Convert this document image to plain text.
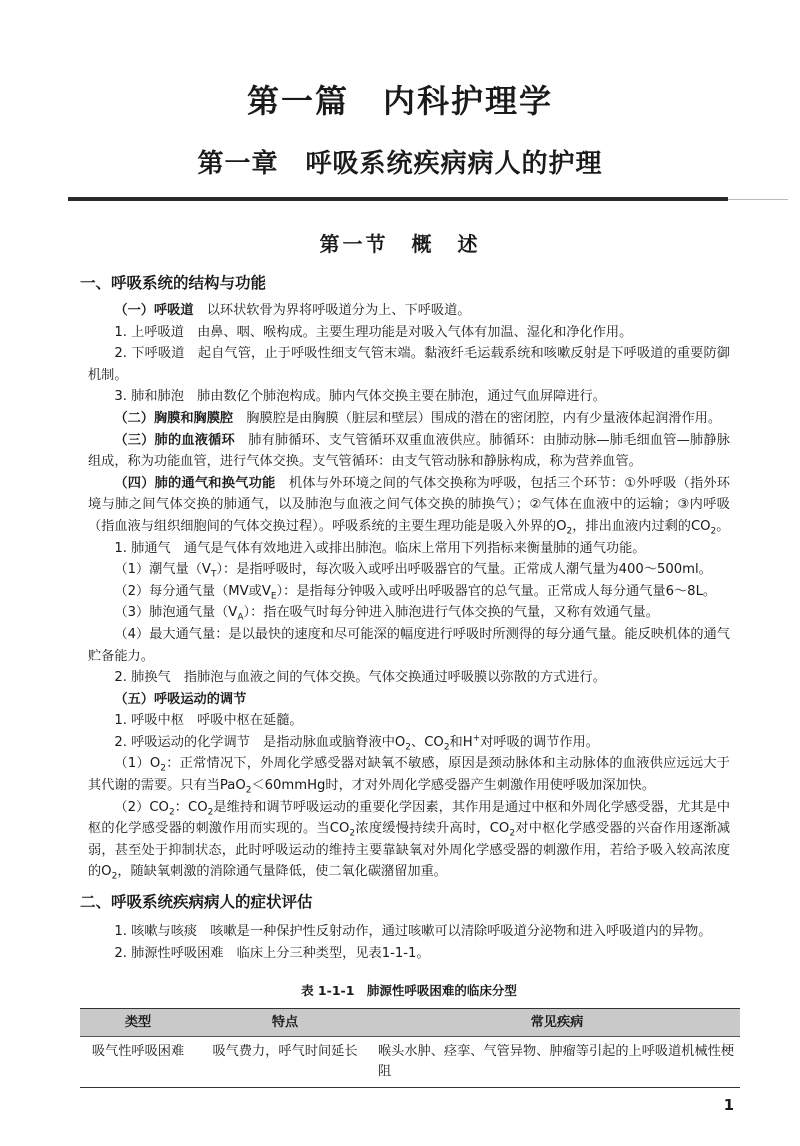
第一篇　内科护理学
第一章　呼吸系统疾病病人的护理
第一节　概　述
一、呼吸系统的结构与功能

（一）呼吸道　以环状软骨为界将呼吸道分为上、下呼吸道。

1. 上呼吸道　由鼻、咽、喉构成。主要生理功能是对吸入气体有加温、湿化和净化作用。

2. 下呼吸道　起自气管，止于呼吸性细支气管末端。黏液纤毛运载系统和咳嗽反射是下呼吸道的重要防御机制。

3. 肺和肺泡　肺由数亿个肺泡构成。肺内气体交换主要在肺泡，通过气血屏障进行。

（二）胸膜和胸膜腔　胸膜腔是由胸膜（脏层和壁层）围成的潜在的密闭腔，内有少量液体起润滑作用。

（三）肺的血液循环　肺有肺循环、支气管循环双重血液供应。肺循环：由肺动脉—肺毛细血管—肺静脉组成，称为功能血管，进行气体交换。支气管循环：由支气管动脉和静脉构成，称为营养血管。

（四）肺的通气和换气功能　机体与外环境之间的气体交换称为呼吸，包括三个环节：①外呼吸（指外环境与肺之间气体交换的肺通气，以及肺泡与血液之间气体交换的肺换气）；②气体在血液中的运输；③内呼吸（指血液与组织细胞间的气体交换过程）。呼吸系统的主要生理功能是吸入外界的$O_2$，排出血液内过剩的$CO_2$。

1. 肺通气　通气是气体有效地进入或排出肺泡。临床上常用下列指标来衡量肺的通气功能。

（1）潮气量$(V_T)$：是指呼吸时，每次吸入或呼出呼吸器官的气量。正常成人潮气量为400～500ml。

（2）每分通气量（MV或$V_E$）：是指每分钟吸入或呼出呼吸器官的总气量。正常成人每分通气量6～8L。

（3）肺泡通气量$(V_A)$：指在吸气时每分钟进入肺泡进行气体交换的气量，又称有效通气量。

（4）最大通气量：是以最快的速度和尽可能深的幅度进行呼吸时所测得的每分通气量。能反映机体的通气贮备能力。

2. 肺换气　指肺泡与血液之间的气体交换。气体交换通过呼吸膜以弥散的方式进行。

（五）呼吸运动的调节

1. 呼吸中枢　呼吸中枢在延髓。

2. 呼吸运动的化学调节　是指动脉血或脑脊液中$O_2$、$CO_2$和H+对呼吸的调节作用。

$(1)O_2$：正常情况下，外周化学感受器对缺氧不敏感，原因是颈动脉体和主动脉体的血液供应远远大于其代谢的需要。只有当PaO$_2$＜60mmHg时，才对外周化学感受器产生刺激作用使呼吸加深加快。

$(2)CO_2$：$CO_2$是维持和调节呼吸运动的重要化学因素，其作用是通过中枢和外周化学感受器，尤其是中枢的化学感受器的刺激作用而实现的。当$CO_2$浓度缓慢持续升高时，$CO_2$对中枢化学感受器的兴奋作用逐渐减弱，甚至处于抑制状态，此时呼吸运动的维持主要靠缺氧对外周化学感受器的刺激作用，若给予吸入较高浓度的$O_2$，随缺氧刺激的消除通气量降低，使二氧化碳潴留加重。

二、呼吸系统疾病病人的症状评估

1. 咳嗽与咳痰　咳嗽是一种保护性反射动作，通过咳嗽可以清除呼吸道分泌物和进入呼吸道内的异物。

2. 肺源性呼吸困难　临床上分三种类型，见表1-1-1。

表 1-1-1　肺源性呼吸困难的临床分型
类型	特点	常见疾病
吸气性呼吸困难	吸气费力，呼气时间延长	喉头水肿、痉挛、气管异物、肿瘤等引起的上呼吸道机械性梗阻
1
